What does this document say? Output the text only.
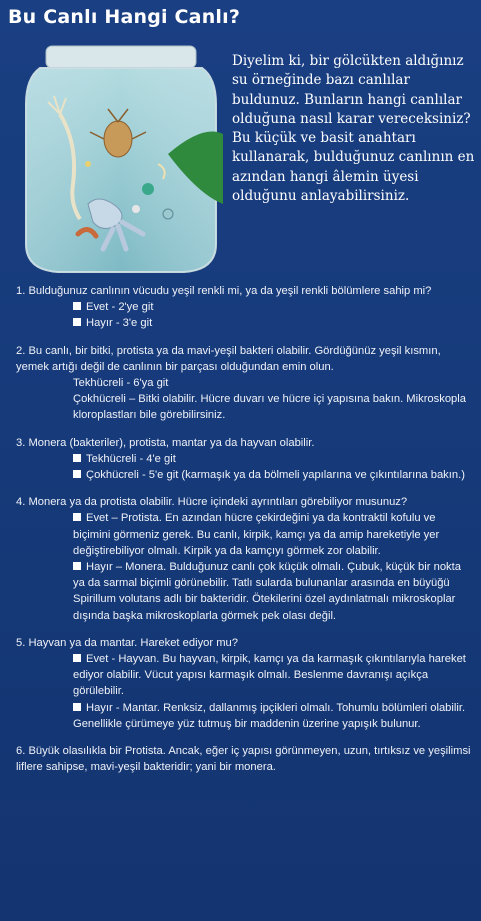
Bu Canlı Hangi Canlı?

Diyelim ki, bir gölcükten aldığınız su örneğinde bazı canlılar buldunuz. Bunların hangi canlılar olduğuna nasıl karar vereceksiniz? Bu küçük ve basit anahtarı kullanarak, bulduğunuz canlının en azından hangi âlemin üyesi olduğunu anlayabilirsiniz.

1. Bulduğunuz canlının vücudu yeşil renkli mi, ya da yeşil renkli bölümlere sahip mi?

Evet - 2'ye git
Hayır - 3'e git

2. Bu canlı, bir bitki, protista ya da mavi-yeşil bakteri olabilir. Gördüğünüz yeşil kısmın, yemek artığı değil de canlının bir parçası olduğundan emin olun.

Tekhücreli - 6'ya git
Çokhücreli – Bitki olabilir. Hücre duvarı ve hücre içi yapısına bakın. Mikroskopla kloroplastları bile görebilirsiniz.

3. Monera (bakteriler), protista, mantar ya da hayvan olabilir.

Tekhücreli - 4'e git
Çokhücreli - 5'e git (karmaşık ya da bölmeli yapılarına ve çıkıntılarına bakın.)

4. Monera ya da protista olabilir. Hücre içindeki ayrıntıları görebiliyor musunuz?

Evet – Protista. En azından hücre çekirdeğini ya da kontraktil kofulu ve biçimini görmeniz gerek. Bu canlı, kirpik, kamçı ya da amip hareketiyle yer değiştirebiliyor olmalı. Kirpik ya da kamçıyı görmek zor olabilir.
Hayır – Monera. Bulduğunuz canlı çok küçük olmalı. Çubuk, küçük bir nokta ya da sarmal biçimli görünebilir. Tatlı sularda bulunanlar arasında en büyüğü Spirillum volutans adlı bir bakteridir. Ötekilerini özel aydınlatmalı mikroskoplar dışında başka mikroskoplarla görmek pek olası değil.

5. Hayvan ya da mantar. Hareket ediyor mu?

Evet - Hayvan. Bu hayvan, kirpik, kamçı ya da karmaşık çıkıntılarıyla hareket ediyor olabilir. Vücut yapısı karmaşık olmalı. Beslenme davranışı açıkça görülebilir.
Hayır - Mantar. Renksiz, dallanmış ipçikleri olmalı. Tohumlu bölümleri olabilir. Genellikle çürümeye yüz tutmuş bir maddenin üzerine yapışık bulunur.

6. Büyük olasılıkla bir Protista. Ancak, eğer iç yapısı görünmeyen, uzun, tırtıksız ve yeşilimsi liflere sahipse, mavi-yeşil bakteridir; yani bir monera.
